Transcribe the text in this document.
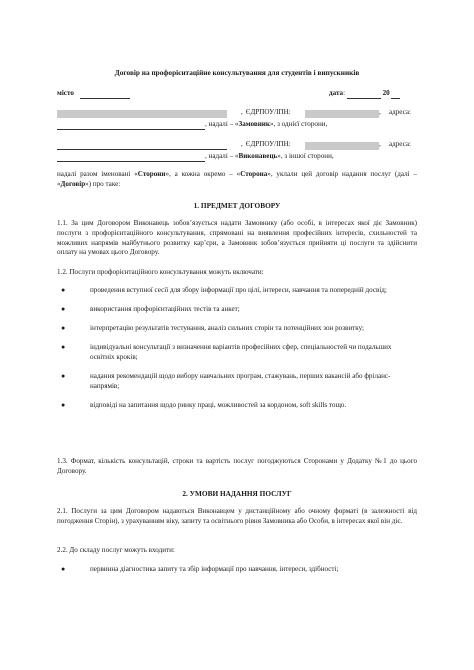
Договір на профорієнтаційне консультування для студентів і випускників
місто	дата:	20
, ЄДРПОУ/ІПН:	, адреса:
, надалі – «Замовник», з однієї сторони,
, ЄДРПОУ/ІПН:	, адреса:
, надалі – «Виконавець», з іншої сторони,
надалі разом іменовані «Сторони», а кожна окремо – «Сторона», уклали цей договір надання послуг (далі – «Договір») про таке:
1. ПРЕДМЕТ ДОГОВОРУ
1.1. За цим Договором Виконавець зобов’язується надати Замовнику (або особі, в інтересах якої діє Замовник) послуги з профорієнтаційного консультування, спрямовані на виявлення професійних інтересів, схильностей та можливих напрямів майбутнього розвитку кар’єри, а Замовник зобов’язується прийняти ці послуги та здійснити оплату на умовах цього Договору.
1.2. Послуги профорієнтаційного консультування можуть включати:
●	проведення вступної сесії для збору інформації про цілі, інтереси, навчання та попередній досвід;
●	використання профорієнтаційних тестів та анкет;
●	інтерпретацію результатів тестування, аналіз сильних сторін та потенційних зон розвитку;
●	індивідуальні консультації з визначення варіантів професійних сфер, спеціальностей чи подальших освітніх кроків;
●	надання рекомендацій щодо вибору навчальних програм, стажувань, перших вакансій або фріланс-напрямів;
●	відповіді на запитання щодо ринку праці, можливостей за кордоном, soft skills тощо.
1.3. Формат, кількість консультацій, строки та вартість послуг погоджуються Сторонами у Додатку №1 до цього Договору.
2. УМОВИ НАДАННЯ ПОСЛУГ
2.1. Послуги за цим Договором надаються Виконавцем у дистанційному або очному форматі (в залежності від погодження Сторін), з урахуванням віку, запиту та освітнього рівня Замовника або Особи, в інтересах якої він діє.
2.2. До складу послуг можуть входити:
●	первинна діагностика запиту та збір інформації про навчання, інтереси, здібності;
